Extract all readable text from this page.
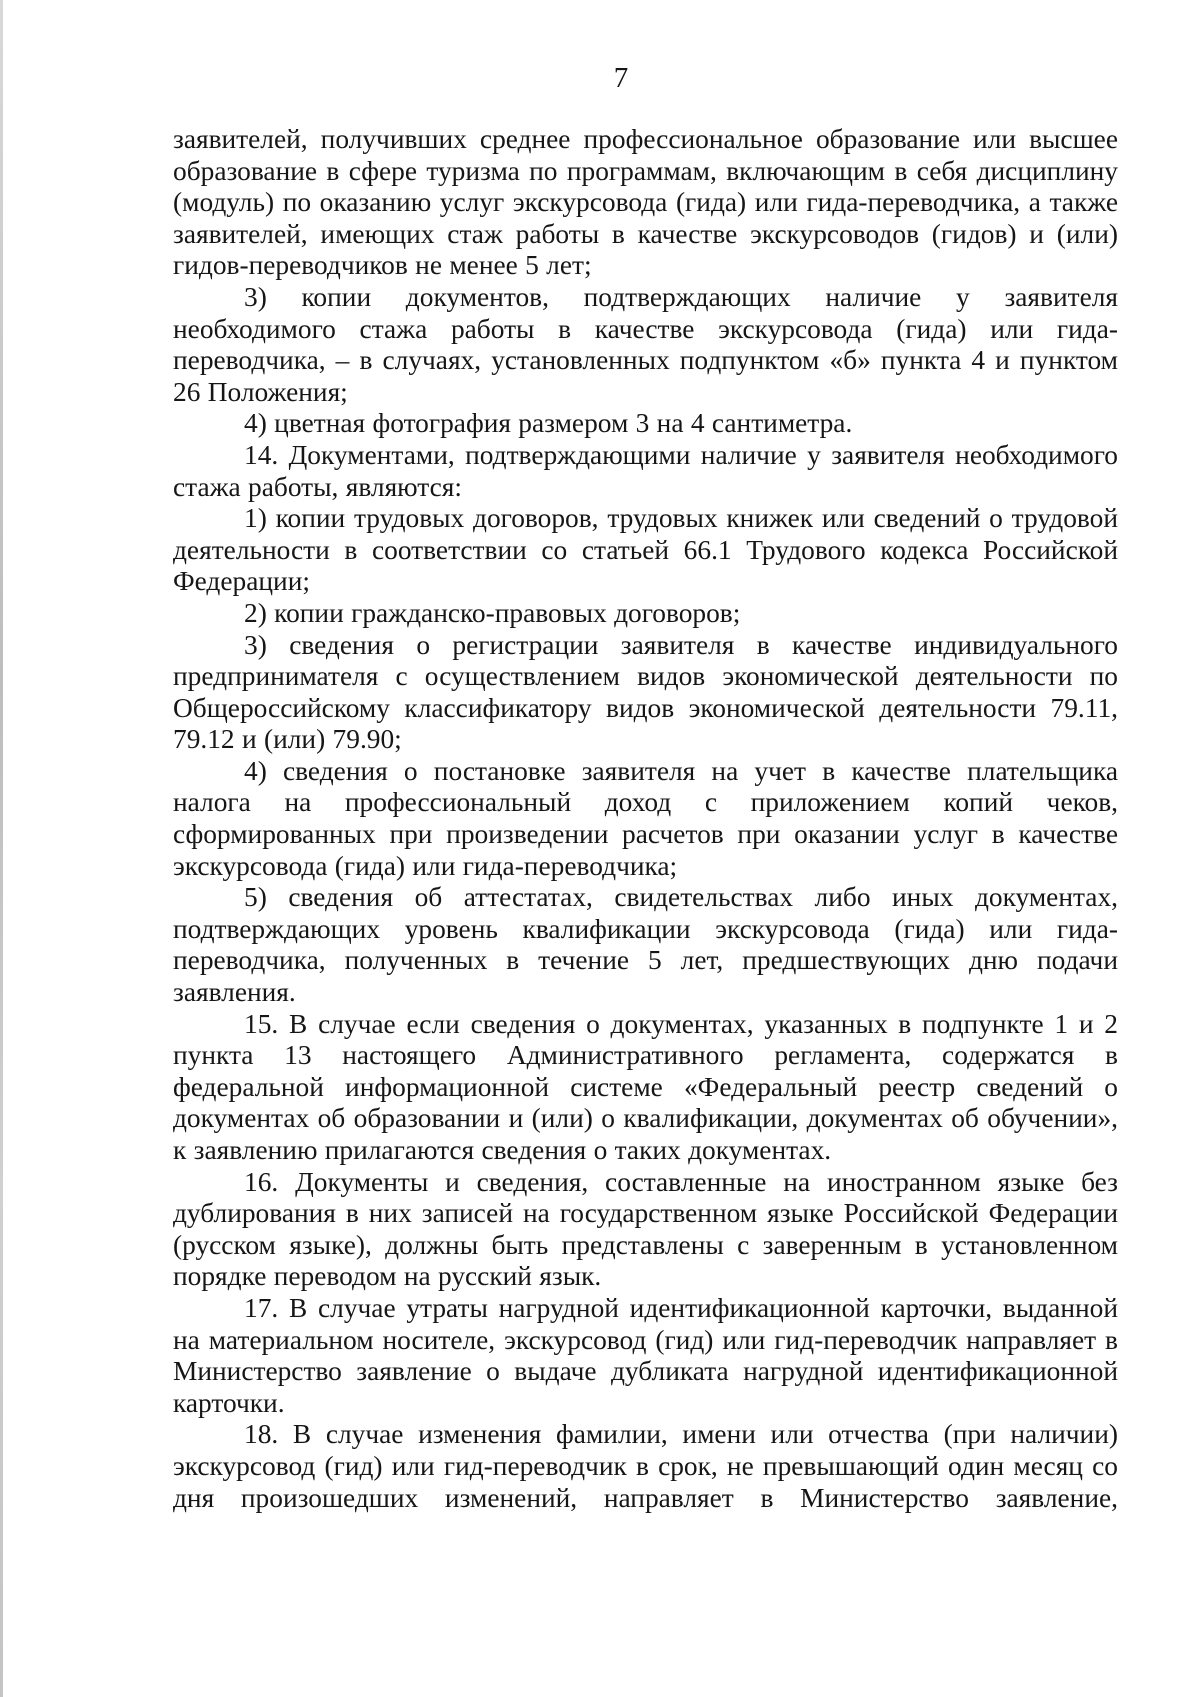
7

заявителей, получивших среднее профессиональное образование или высшее образование в сфере туризма по программам, включающим в себя дисциплину (модуль) по оказанию услуг экскурсовода (гида) или гида-переводчика, а также заявителей, имеющих стаж работы в качестве экскурсоводов (гидов) и (или) гидов-переводчиков не менее 5 лет;

3) копии документов, подтверждающих наличие у заявителя необходимого стажа работы в качестве экскурсовода (гида) или гида-переводчика, – в случаях, установленных подпунктом «б» пункта 4 и пунктом 26 Положения;

4) цветная фотография размером 3 на 4 сантиметра.

14. Документами, подтверждающими наличие у заявителя необходимого стажа работы, являются:

1) копии трудовых договоров, трудовых книжек или сведений о трудовой деятельности в соответствии со статьей 66.1 Трудового кодекса Российской Федерации;

2) копии гражданско-правовых договоров;

3) сведения о регистрации заявителя в качестве индивидуального предпринимателя с осуществлением видов экономической деятельности по Общероссийскому классификатору видов экономической деятельности 79.11, 79.12 и (или) 79.90;

4) сведения о постановке заявителя на учет в качестве плательщика налога на профессиональный доход с приложением копий чеков, сформированных при произведении расчетов при оказании услуг в качестве экскурсовода (гида) или гида-переводчика;

5) сведения об аттестатах, свидетельствах либо иных документах, подтверждающих уровень квалификации экскурсовода (гида) или гида-переводчика, полученных в течение 5 лет, предшествующих дню подачи заявления.

15. В случае если сведения о документах, указанных в подпункте 1 и 2 пункта 13 настоящего Административного регламента, содержатся в федеральной информационной системе «Федеральный реестр сведений о документах об образовании и (или) о квалификации, документах об обучении», к заявлению прилагаются сведения о таких документах.

16. Документы и сведения, составленные на иностранном языке без дублирования в них записей на государственном языке Российской Федерации (русском языке), должны быть представлены с заверенным в установленном порядке переводом на русский язык.

17. В случае утраты нагрудной идентификационной карточки, выданной на материальном носителе, экскурсовод (гид) или гид-переводчик направляет в Министерство заявление о выдаче дубликата нагрудной идентификационной карточки.

18. В случае изменения фамилии, имени или отчества (при наличии) экскурсовод (гид) или гид-переводчик в срок, не превышающий один месяц со дня произошедших изменений, направляет в Министерство заявление,
